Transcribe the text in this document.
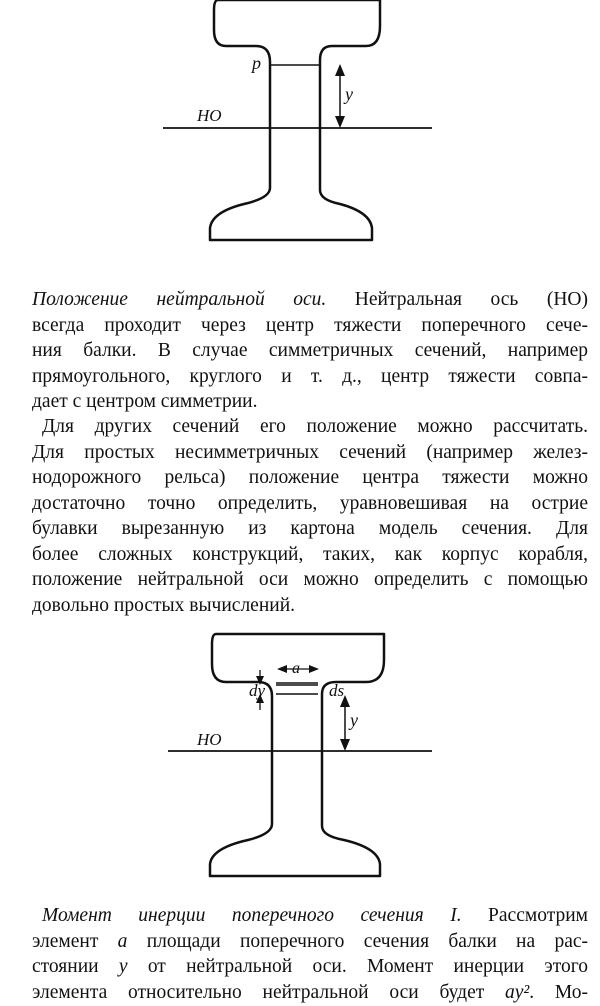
p
y
НО
Положение нейтральной оси. Нейтральная ось (НО)
всегда проходит через центр тяжести поперечного сече-
ния балки. В случае симметричных сечений, например
прямоугольного, круглого и т. д., центр тяжести совпа-
дает с центром симметрии.
Для других сечений его положение можно рассчитать.
Для простых несимметричных сечений (например желез-
нодорожного рельса) положение центра тяжести можно
достаточно точно определить, уравновешивая на острие
булавки вырезанную из картона модель сечения. Для
более сложных конструкций, таких, как корпус корабля,
положение нейтральной оси можно определить с помощью
довольно простых вычислений.
a
dy	ds
y
НО
Момент инерции поперечного сечения I. Рассмотрим
элемент a площади поперечного сечения балки на рас-
стоянии y от нейтральной оси. Момент инерции этого
элемента относительно нейтральной оси будет ay². Мо-
